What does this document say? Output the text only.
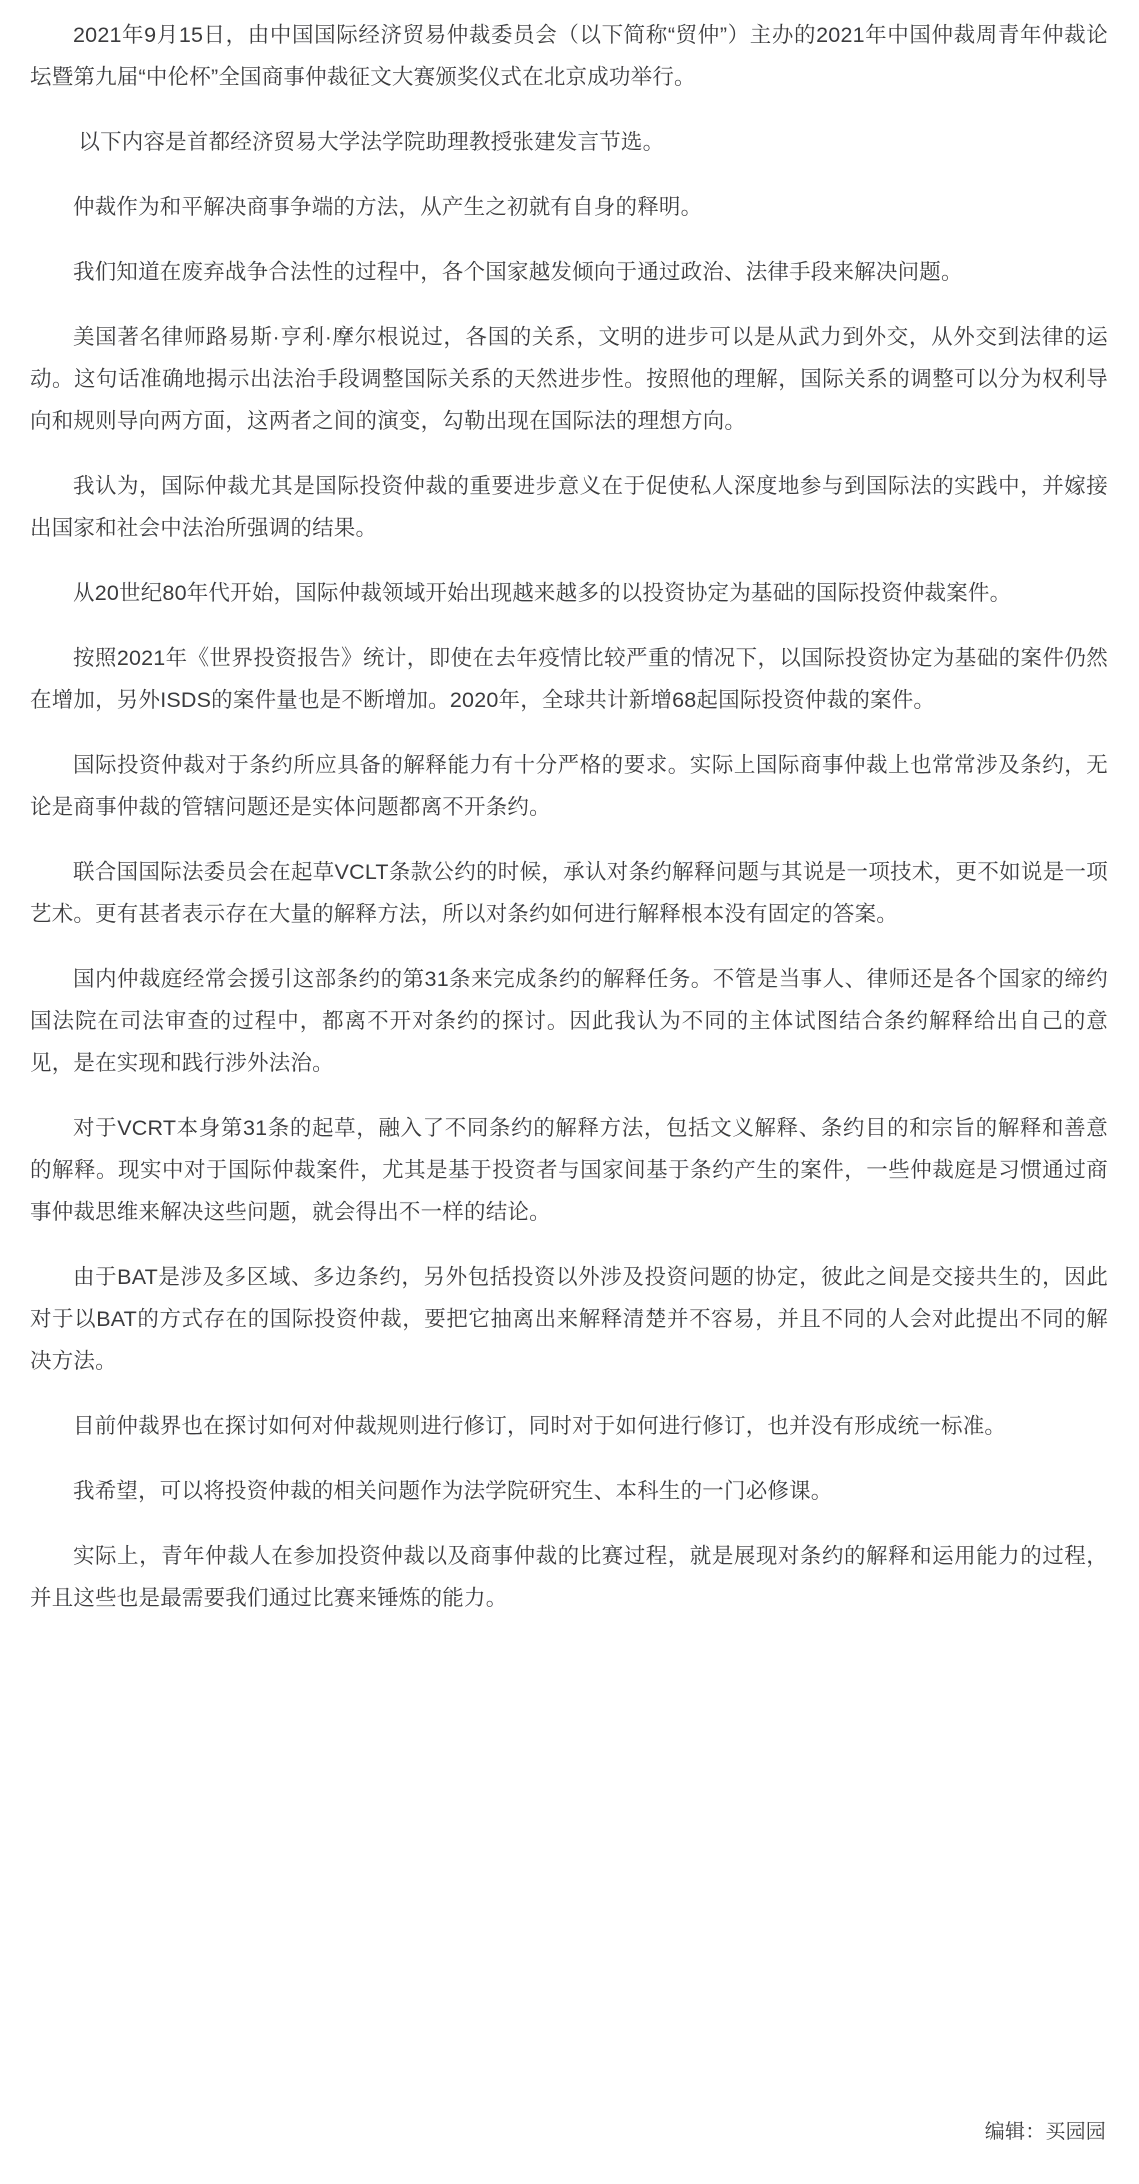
2021年9月15日，由中国国际经济贸易仲裁委员会（以下简称“贸仲”）主办的2021年中国仲裁周青年仲裁论坛暨第九届“中伦杯”全国商事仲裁征文大赛颁奖仪式在北京成功举行。

以下内容是首都经济贸易大学法学院助理教授张建发言节选。

仲裁作为和平解决商事争端的方法，从产生之初就有自身的释明。

我们知道在废弃战争合法性的过程中，各个国家越发倾向于通过政治、法律手段来解决问题。

美国著名律师路易斯·亨利·摩尔根说过，各国的关系，文明的进步可以是从武力到外交，从外交到法律的运动。这句话准确地揭示出法治手段调整国际关系的天然进步性。按照他的理解，国际关系的调整可以分为权利导向和规则导向两方面，这两者之间的演变，勾勒出现在国际法的理想方向。

我认为，国际仲裁尤其是国际投资仲裁的重要进步意义在于促使私人深度地参与到国际法的实践中，并嫁接出国家和社会中法治所强调的结果。

从20世纪80年代开始，国际仲裁领域开始出现越来越多的以投资协定为基础的国际投资仲裁案件。

按照2021年《世界投资报告》统计，即使在去年疫情比较严重的情况下，以国际投资协定为基础的案件仍然在增加，另外ISDS的案件量也是不断增加。2020年，全球共计新增68起国际投资仲裁的案件。

国际投资仲裁对于条约所应具备的解释能力有十分严格的要求。实际上国际商事仲裁上也常常涉及条约，无论是商事仲裁的管辖问题还是实体问题都离不开条约。

联合国国际法委员会在起草VCLT条款公约的时候，承认对条约解释问题与其说是一项技术，更不如说是一项艺术。更有甚者表示存在大量的解释方法，所以对条约如何进行解释根本没有固定的答案。

国内仲裁庭经常会援引这部条约的第31条来完成条约的解释任务。不管是当事人、律师还是各个国家的缔约国法院在司法审查的过程中，都离不开对条约的探讨。因此我认为不同的主体试图结合条约解释给出自己的意见，是在实现和践行涉外法治。

对于VCRT本身第31条的起草，融入了不同条约的解释方法，包括文义解释、条约目的和宗旨的解释和善意的解释。现实中对于国际仲裁案件，尤其是基于投资者与国家间基于条约产生的案件，一些仲裁庭是习惯通过商事仲裁思维来解决这些问题，就会得出不一样的结论。

由于BAT是涉及多区域、多边条约，另外包括投资以外涉及投资问题的协定，彼此之间是交接共生的，因此对于以BAT的方式存在的国际投资仲裁，要把它抽离出来解释清楚并不容易，并且不同的人会对此提出不同的解决方法。

目前仲裁界也在探讨如何对仲裁规则进行修订，同时对于如何进行修订，也并没有形成统一标准。

我希望，可以将投资仲裁的相关问题作为法学院研究生、本科生的一门必修课。

实际上，青年仲裁人在参加投资仲裁以及商事仲裁的比赛过程，就是展现对条约的解释和运用能力的过程，并且这些也是最需要我们通过比赛来锤炼的能力。

编辑：买园园
